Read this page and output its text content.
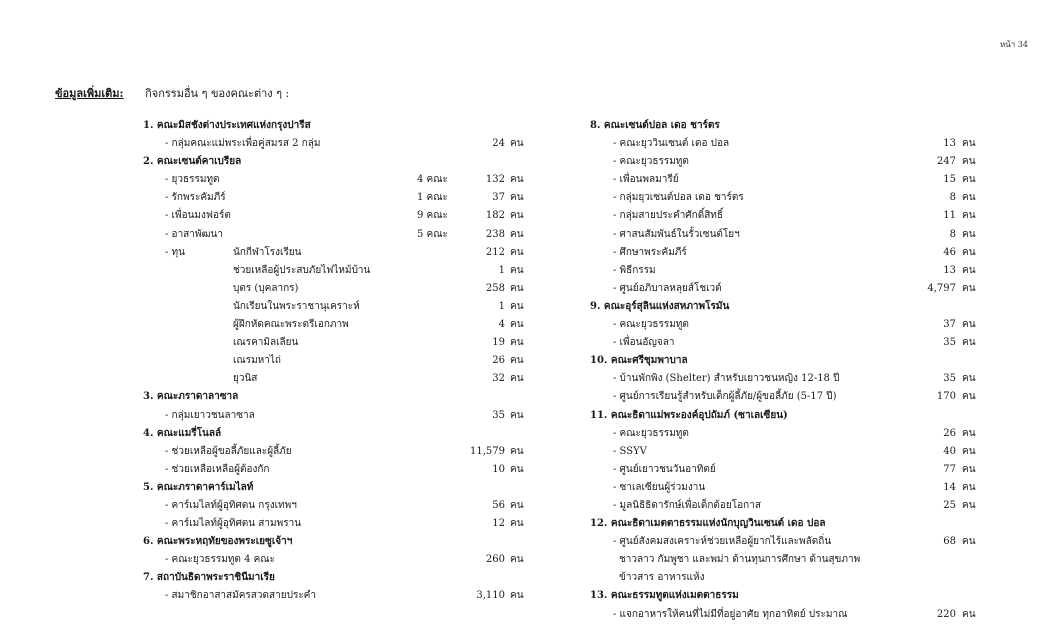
หน้า 34
ข้อมูลเพิ่มเติม: กิจกรรมอื่น ๆ ของคณะต่าง ๆ :
1. คณะมิสชังต่างประเทศแห่งกรุงปารีส
- กลุ่มคณะแม่พระเพื่อคู่สมรส 2 กลุ่ม	24 คน
2. คณะเซนต์คาเบรียล
- ยุวธรรมทูต	4 คณะ	132 คน
- รักพระคัมภีร์	1 คณะ	37 คน
- เพื่อนมงฟอร์ต	9 คณะ	182 คน
- อาสาพัฒนา	5 คณะ	238 คน
- ทุน	นักกีฬาโรงเรียน	212 คน
ช่วยเหลือผู้ประสบภัยไฟไหม้บ้าน	1 คน
บุตร (บุคลากร)	258 คน
นักเรียนในพระราชานุเคราะห์	1 คน
ผู้ฝึกหัดคณะพระตรีเอกภาพ	4 คน
เณรคามิลเลียน	19 คน
เณรมหาไถ่	26 คน
ยุวนิส	32 คน
3. คณะภราดาลาซาล
- กลุ่มเยาวชนลาซาล	35 คน
4. คณะแมรี่โนลล์
- ช่วยเหลือผู้ขอลี้ภัยและผู้ลี้ภัย	11,579 คน
- ช่วยเหลือเหลือผู้ต้องกัก	10 คน
5. คณะภราดาคาร์เมไลท์
- คาร์เมไลท์ผู้อุทิศตน กรุงเทพฯ	56 คน
- คาร์เมไลท์ผู้อุทิศตน สามพราน	12 คน
6. คณะพระหฤทัยของพระเยซูเจ้าฯ
- คณะยุวธรรมทูต 4 คณะ	260 คน
7. สถาบันธิดาพระราชินีมาเรีย
- สมาชิกอาสาสมัครสวดสายประคำ	3,110 คน
8. คณะเซนต์ปอล เดอ ชาร์ตร
- คณะยุววินเซนต์ เดอ ปอล	13 คน
- คณะยุวธรรมทูต	247 คน
- เพื่อนพลมารีย์	15 คน
- กลุ่มยุวเซนต์ปอล เดอ ชาร์ตร	8 คน
- กลุ่มสายประคำศักดิ์สิทธิ์	11 คน
- ศาสนสัมพันธ์ในรั้วเซนต์โยฯ	8 คน
- ศึกษาพระคัมภีร์	46 คน
- พิธีกรรม	13 คน
- ศูนย์อภิบาลหลุยส์โชเวต์	4,797 คน
9. คณะอุร์สุลินแห่งสหภาพโรมัน
- คณะยุวธรรมทูต	37 คน
- เพื่อนอัญจลา	35 คน
10. คณะศรีชุมพาบาล
- บ้านพักพิง (Shelter) สำหรับเยาวชนหญิง 12-18 ปี	35 คน
- ศูนย์การเรียนรู้สำหรับเด็กผู้ลี้ภัย/ผู้ขอลี้ภัย (5-17 ปี)	170 คน
11. คณะธิดาแม่พระองค์อุปถัมภ์ (ซาเลเซียน)
- คณะยุวธรรมทูต	26 คน
- SSYV	40 คน
- ศูนย์เยาวชนวันอาทิตย์	77 คน
- ซาเลเซียนผู้ร่วมงาน	14 คน
- มูลนิธิธิดารักษ์เพื่อเด็กด้อยโอกาส	25 คน
12. คณะธิดาเมตตาธรรมแห่งนักบุญวินเซนต์ เดอ ปอล
- ศูนย์สังคมสงเคราะห์ช่วยเหลือผู้ยากไร้และพลัดถิ่น	68 คน
ชาวลาว กัมพูชา และพม่า ด้านทุนการศึกษา ด้านสุขภาพ
ข้าวสาร อาหารแห้ง
13. คณะธรรมทูตแห่งเมตตาธรรม
- แจกอาหารให้คนที่ไม่มีที่อยู่อาศัย ทุกอาทิตย์ ประมาณ	220 คน
